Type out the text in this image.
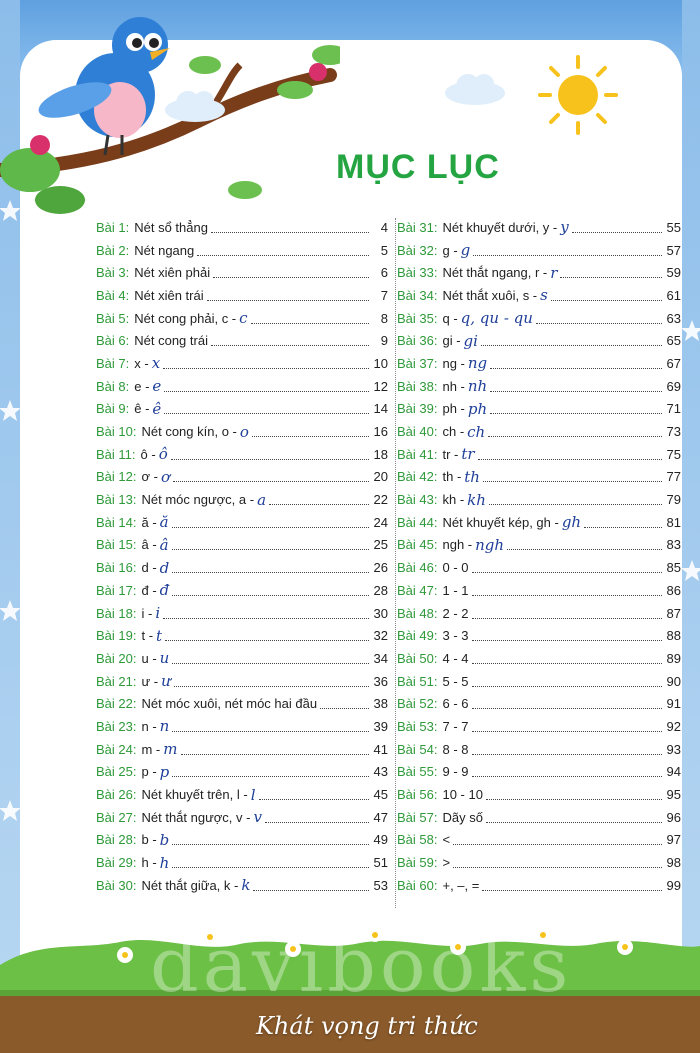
MỤC LỤC
Bài 1: Nét sổ thẳng	4
Bài 2: Nét ngang	5
Bài 3: Nét xiên phải	6
Bài 4: Nét xiên trái	7
Bài 5: Nét cong phải, c - c	8
Bài 6: Nét cong trái	9
Bài 7: x - x	10
Bài 8: e - e	12
Bài 9: ê - ê	14
Bài 10: Nét cong kín, o - o	16
Bài 11: ô - ô	18
Bài 12: ơ - ơ	20
Bài 13: Nét móc ngược, a - a	22
Bài 14: ă - ă	24
Bài 15: â - â	25
Bài 16: d - d	26
Bài 17: đ - đ	28
Bài 18: i - i	30
Bài 19: t - t	32
Bài 20: u - u	34
Bài 21: ư - ư	36
Bài 22: Nét móc xuôi, nét móc hai đầu	38
Bài 23: n - n	39
Bài 24: m - m	41
Bài 25: p - p	43
Bài 26: Nét khuyết trên, l - l	45
Bài 27: Nét thắt ngược, v - v	47
Bài 28: b - b	49
Bài 29: h - h	51
Bài 30: Nét thắt giữa, k - k	53
Bài 31: Nét khuyết dưới, y - y	55
Bài 32: g - g	57
Bài 33: Nét thắt ngang, r - r	59
Bài 34: Nét thắt xuôi, s - s	61
Bài 35: q - q, qu - qu	63
Bài 36: gi - gi	65
Bài 37: ng - ng	67
Bài 38: nh - nh	69
Bài 39: ph - ph	71
Bài 40: ch - ch	73
Bài 41: tr - tr	75
Bài 42: th - th	77
Bài 43: kh - kh	79
Bài 44: Nét khuyết kép, gh - gh	81
Bài 45: ngh - ngh	83
Bài 46: 0 - 0	85
Bài 47: 1 - 1	86
Bài 48: 2 - 2	87
Bài 49: 3 - 3	88
Bài 50: 4 - 4	89
Bài 51: 5 - 5	90
Bài 52: 6 - 6	91
Bài 53: 7 - 7	92
Bài 54: 8 - 8	93
Bài 55: 9 - 9	94
Bài 56: 10 - 10	95
Bài 57: Dãy số	96
Bài 58: <	97
Bài 59: >	98
Bài 60: +, –, =	99
davibooks
Khát vọng tri thức
